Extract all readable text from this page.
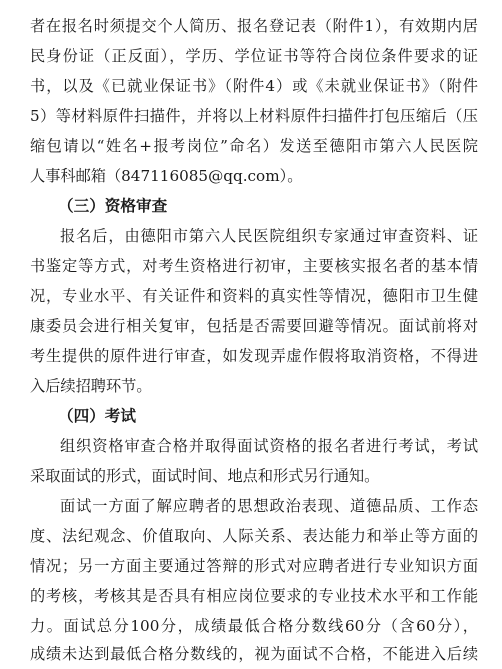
者在报名时须提交个人简历、报名登记表（附件1），有效期内居
民身份证（正反面），学历、学位证书等符合岗位条件要求的证
书，以及《已就业保证书》（附件4）或《未就业保证书》（附件
5）等材料原件扫描件，并将以上材料原件扫描件打包压缩后（压
缩包请以“姓名+报考岗位”命名）发送至德阳市第六人民医院
人事科邮箱（847116085@qq.com）。
（三）资格审查
报名后，由德阳市第六人民医院组织专家通过审查资料、证
书鉴定等方式，对考生资格进行初审，主要核实报名者的基本情
况，专业水平、有关证件和资料的真实性等情况，德阳市卫生健
康委员会进行相关复审，包括是否需要回避等情况。面试前将对
考生提供的原件进行审查，如发现弄虚作假将取消资格，不得进
入后续招聘环节。
（四）考试
组织资格审查合格并取得面试资格的报名者进行考试，考试
采取面试的形式，面试时间、地点和形式另行通知。
面试一方面了解应聘者的思想政治表现、道德品质、工作态
度、法纪观念、价值取向、人际关系、表达能力和举止等方面的
情况；另一方面主要通过答辩的形式对应聘者进行专业知识方面
的考核，考核其是否具有相应岗位要求的专业技术水平和工作能
力。面试总分100分，成绩最低合格分数线60分（含60分），
成绩未达到最低合格分数线的，视为面试不合格，不能进入后续
